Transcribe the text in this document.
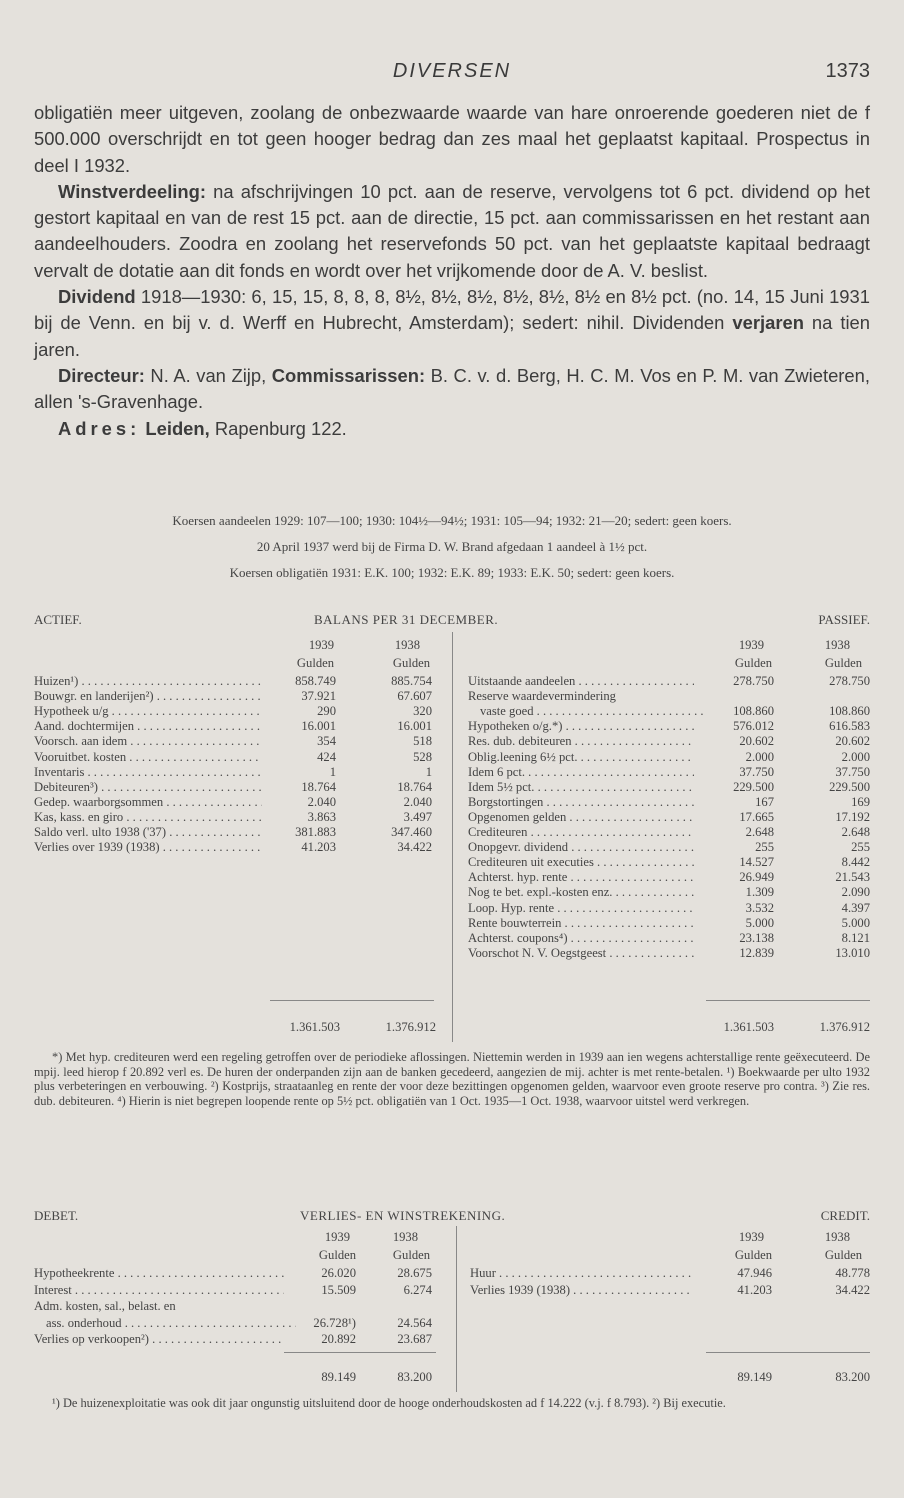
DIVERSEN	1373

obligatiën meer uitgeven, zoolang de onbezwaarde waarde van hare onroerende goederen niet de f 500.000 overschrijdt en tot geen hooger bedrag dan zes maal het geplaatst kapitaal. Prospectus in deel I 1932.

Winstverdeeling: na afschrijvingen 10 pct. aan de reserve, vervolgens tot 6 pct. dividend op het gestort kapitaal en van de rest 15 pct. aan de directie, 15 pct. aan commissarissen en het restant aan aandeelhouders. Zoodra en zoolang het reservefonds 50 pct. van het geplaatste kapitaal bedraagt vervalt de dotatie aan dit fonds en wordt over het vrijkomende door de A. V. beslist.

Dividend 1918—1930: 6, 15, 15, 8, 8, 8, 8½, 8½, 8½, 8½, 8½, 8½ en 8½ pct. (no. 14, 15 Juni 1931 bij de Venn. en bij v. d. Werff en Hubrecht, Amsterdam); sedert: nihil. Dividenden verjaren na tien jaren.

Directeur: N. A. van Zijp, Commissarissen: B. C. v. d. Berg, H. C. M. Vos en P. M. van Zwieteren, allen 's-Gravenhage.

Adres: Leiden, Rapenburg 122.

Koersen aandeelen 1929: 107—100; 1930: 104½—94½; 1931: 105—94; 1932: 21—20; sedert: geen koers.
20 April 1937 werd bij de Firma D. W. Brand afgedaan 1 aandeel à 1½ pct.
Koersen obligatiën 1931: E.K. 100; 1932: E.K. 89; 1933: E.K. 50; sedert: geen koers.
ACTIEF.	BALANS PER 31 DECEMBER.	PASSIEF.
1939	1938
Gulden	Gulden
1939	1938
Gulden	Gulden
Huizen¹) . . .	858.749	885.754
Bouwgr. en landerijen²) . . .	37.921	67.607
Hypotheek u/g . . .	290	320
Aand. dochtermijen . . .	16.001	16.001
Voorsch. aan idem . . .	354	518
Vooruitbet. kosten . . .	424	528
Inventaris . . .	1	1
Debiteuren³) . . .	18.764	18.764
Gedep. waarborgsommen . . .	2.040	2.040
Kas, kass. en giro . . .	3.863	3.497
Saldo verl. ulto 1938 ('37) . . .	381.883	347.460
Verlies over 1939 (1938) . . .	41.203	34.422
Uitstaande aandeelen . . .	278.750	278.750
Reserve waardevermindering
vaste goed . . .	108.860	108.860
Hypotheken o/g.*) . . .	576.012	616.583
Res. dub. debiteuren . . .	20.602	20.602
Oblig.leening 6½ pct. . . .	2.000	2.000
Idem 6 pct. . . .	37.750	37.750
Idem 5½ pct. . . .	229.500	229.500
Borgstortingen . . .	167	169
Opgenomen gelden . . .	17.665	17.192
Crediteuren . . .	2.648	2.648
Onopgevr. dividend . . .	255	255
Crediteuren uit executies . . .	14.527	8.442
Achterst. hyp. rente . . .	26.949	21.543
Nog te bet. expl.-kosten enz. . . .	1.309	2.090
Loop. Hyp. rente . . .	3.532	4.397
Rente bouwterrein . . .	5.000	5.000
Achterst. coupons⁴) . . .	23.138	8.121
Voorschot N. V. Oegstgeest . . .	12.839	13.010
1.361.503	1.376.912	1.361.503	1.376.912

*) Met hyp. crediteuren werd een regeling getroffen over de periodieke aflossingen. Niettemin werden in 1939 aan ien wegens achterstallige rente geëxecuteerd. De mpij. leed hierop f 20.892 verl es. De huren der onderpanden zijn aan de banken gecedeerd, aangezien de mij. achter is met rente-betalen. ¹) Boekwaarde per ulto 1932 plus verbeteringen en verbouwing. ²) Kostprijs, straataanleg en rente der voor deze bezittingen opgenomen gelden, waarvoor even groote reserve pro contra. ³) Zie res. dub. debiteuren. ⁴) Hierin is niet begrepen loopende rente op 5½ pct. obligatiën van 1 Oct. 1935—1 Oct. 1938, waarvoor uitstel werd verkregen.

DEBET.	VERLIES- EN WINSTREKENING.	CREDIT.
1939	1938
Gulden	Gulden
1939	1938
Gulden	Gulden
Hypotheekrente . . .	26.020	28.675
Interest . . .	15.509	6.274
Adm. kosten, sal., belast. en
ass. onderhoud . . .	26.728¹)	24.564
Verlies op verkoopen²) . . .	20.892	23.687
Huur . . .	47.946	48.778
Verlies 1939 (1938) . . .	41.203	34.422
89.149	83.200	89.149	83.200

¹) De huizenexploitatie was ook dit jaar ongunstig uitsluitend door de hooge onderhoudskosten ad f 14.222 (v.j. f 8.793). ²) Bij executie.
